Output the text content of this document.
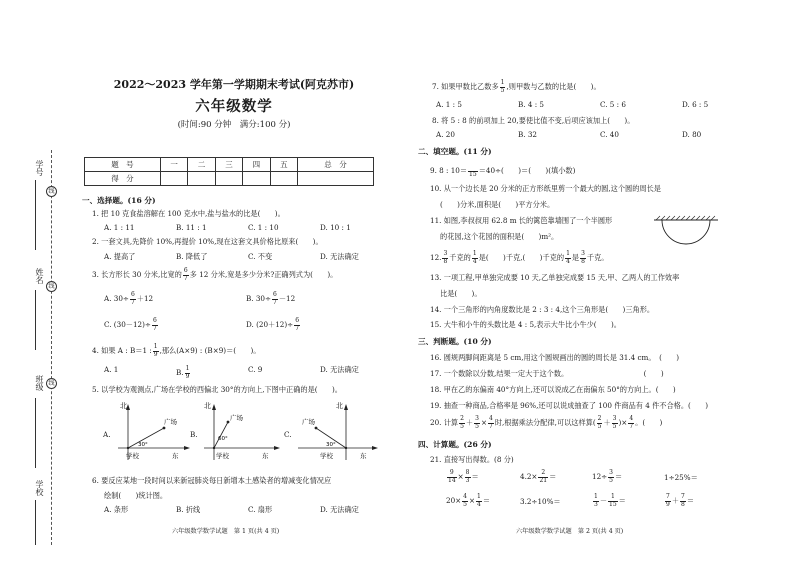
学号
线
姓名
线
班级 线
学校
2022～2023 学年第一学期期末考试(阿克苏市)
六年级数学
(时间:90 分钟　满分:100 分)
题　号	一	二	三	四	五	总　分
得　分						
一、选择题。(16 分)
1. 把 10 克食盐溶解在 100 克水中,盐与盐水的比是(　　)。
A. 1 : 11	B. 11 : 1	C. 1 : 10	D. 10 : 1
2. 一套文具,先降价 10%,再提价 10%,现在这套文具价格比原来(　　)。
A. 提高了	B. 降低了	C. 不变	D. 无法确定
3. 长方形长 30 分米,比宽的 $\frac{6}{7}$ 多 12 分米,宽是多少分米?正确列式为(　　)。
A. $30\div \frac{6}{7} +12$	B. $30\div \frac{6}{7} -12$
C. $(30-12)\div \frac{6}{7}$	D. $(20+12)\div \frac{6}{7}$
4. 如果 A : B＝1 : $\frac{1}{9}$ ,那么(A×9) : (B×9)＝(　　)。
A. 1	B. $\frac{1}{9}$	C. 9	D. 无法确定
5. 以学校为观测点,广场在学校的西偏北 30°的方向上,下图中正确的是(　　)。
A.
北
广场
30°
学校	东
B.
北
广场
60°
学校	东
C.
北
广场
30°
学校	东
6. 要反应某地一段时间以来新冠肺炎每日新增本土感染者的增减变化情况应
绘制(　　)统计图。
A. 条形	B. 折线	C. 扇形	D. 无法确定
六年级数学数学试题　第 1 页(共 4 页)
7. 如果甲数比乙数多 $\frac{1}{5}$ ,则甲数与乙数的比是(　　)。
A. 1 : 5	B. 4 : 5	C. 5 : 6	D. 6 : 5
8. 将 5 : 8 的前项加上 20,要使比值不变,后项应该加上(　　)。
A. 20	B. 32	C. 40	D. 80
二、填空题。(11 分)
9. 8 : 10＝
　 15 ＝40÷(　　)＝(　　)(填小数)
10. 从一个边长是 20 分米的正方形纸里剪一个最大的圆,这个圆的周长是
(　　)分米,面积是(　　)平方分米。
11. 如图,李叔叔用 62.8 m 长的篱笆靠墙围了一个半圆形
的花园,这个花园的面积是(　　)m²。
12. $\frac{3}{8}$ 千克的 $\frac{1}{4}$ 是(　　)千克,(　　)千克的 $\frac{1}{4}$ 是 $\frac{3}{8}$ 千克。
13. 一项工程,甲单独完成要 10 天,乙单独完成要 15 天,甲、乙两人的工作效率
比是(　　)。
14. 一个三角形的内角度数比是 2 : 3 : 4,这个三角形是(　　)三角形。
15. 大牛和小牛的头数比是 4 : 5,表示大牛比小牛少(　　)。
三、判断题。(10 分)
16. 圆规两脚间距离是 5 cm,用这个圆规画出的圆的周长是 31.4 cm。　(　　)
17. 一个数除以分数,结果一定大于这个数。　　　　　　　　　　　(　　)
18. 甲在乙的东偏南 40°方向上,还可以说成乙在南偏东 50°的方向上。(　　)
19. 抽查一种商品,合格率是 96%,还可以说成抽查了 100 件商品有 4 件不合格。(　　)
20. 计算 $\frac{2}{5} + \frac{3}{5} \times \frac{4}{7}$ 时,根据乘法分配律,可以这样算( $\frac{2}{5} + \frac{3}{5}$ )× $\frac{4}{7}$ 。(　　)
四、计算题。(26 分)
21. 直接写出得数。(8 分)
$\frac{9}{14} \times \frac{8}{3}$ ＝	$4.2\times \frac{2}{21}$ ＝	$12\div \frac{3}{5}$ ＝	1÷25%＝
$20\times \frac{4}{5} \times \frac{1}{4}$ ＝	3.2÷10%＝	$\frac{1}{3} - \frac{1}{15}$ ＝	$\frac{7}{9} + \frac{7}{8}$ ＝
六年级数学数学试题　第 2 页(共 4 页)
